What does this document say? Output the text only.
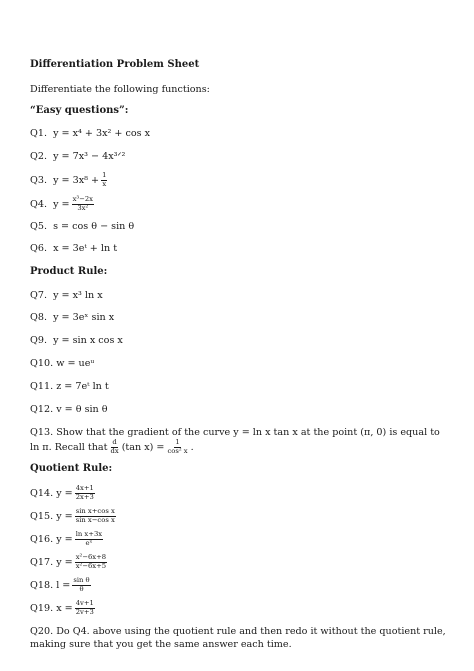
Differentiation Problem Sheet
Differentiate the following functions:
“Easy questions”:
Q1.
y = x⁴ + 3x² + cos x
Q2.
y = 7x³ − 4x³ᐟ²
Q3.
$y = 3x^8 + \frac{1}{x}$
Q4.
$y = \frac{\text{x³−2x}}{\text{3x²}}$
Q5.
s = cos θ − sin θ
Q6.
x = 3eᵗ + ln t
Product Rule:
Q7.
y = x³ ln x
Q8.
y = 3eˣ sin x
Q9.
y = sin x cos x
Q10.
w = ueᵘ
Q11.
z = 7eᵗ ln t
Q12.
v = θ sin θ
Q13. Show that the gradient of the curve y = ln x tan x at the point (π, 0) is equal to
ln π. Recall that $\frac{d}{dx} (\tan$ $x) = \frac{1}{\text{cos² x}}$ .
Quotient Rule:
Q14.
$y = \frac{4x+1}{2x+3}$
Q15.
$y = \frac{\text{sin x+cos x}}{\text{sin x−cos x}}$
Q16.
$y = \frac{\text{ln x+3x}}{\text{eˣ}}$
Q17.
$y = \frac{\text{x²−6x+8}}{\text{x²−6x+5}}$
Q18.
$l = \frac{\text{sin θ}}{\theta}$
Q19.
$x = \frac{4v+1}{2v+3}$
Q20. Do Q4. above using the quotient rule and then redo it without the quotient rule,
making sure that you get the same answer each time.
